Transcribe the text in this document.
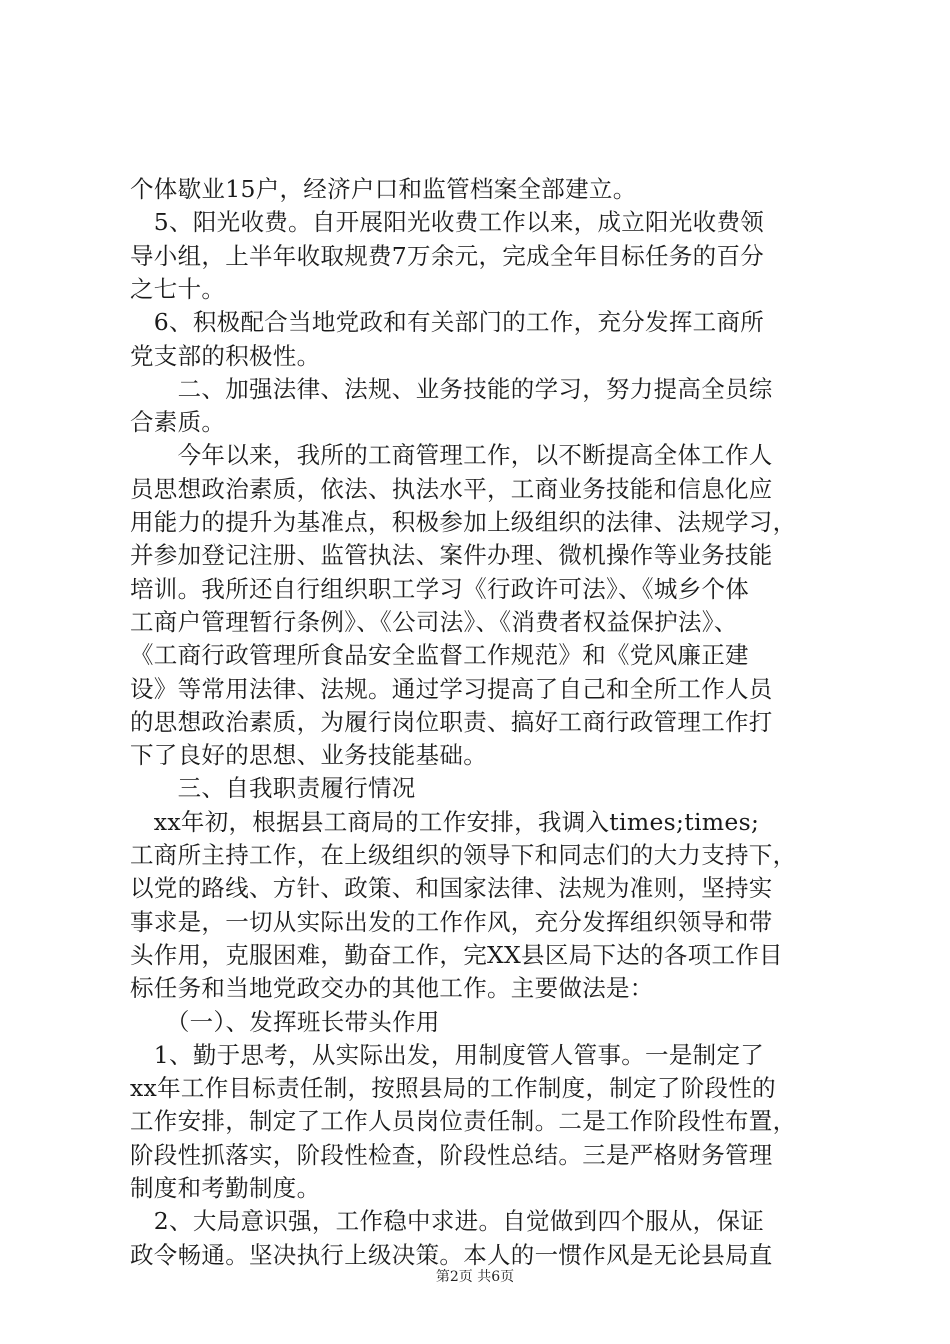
个体歇业15户，经济户口和监管档案全部建立。
　5、阳光收费。自开展阳光收费工作以来，成立阳光收费领
导小组，上半年收取规费7万余元，完成全年目标任务的百分
之七十。
　6、积极配合当地党政和有关部门的工作，充分发挥工商所
党支部的积极性。
　　二、加强法律、法规、业务技能的学习，努力提高全员综
合素质。
　　今年以来，我所的工商管理工作，以不断提高全体工作人
员思想政治素质，依法、执法水平，工商业务技能和信息化应
用能力的提升为基准点，积极参加上级组织的法律、法规学习，
并参加登记注册、监管执法、案件办理、微机操作等业务技能
培训。我所还自行组织职工学习《行政许可法》、《城乡个体
工商户管理暂行条例》、《公司法》、《消费者权益保护法》、
《工商行政管理所食品安全监督工作规范》和《党风廉正建
设》等常用法律、法规。通过学习提高了自己和全所工作人员
的思想政治素质，为履行岗位职责、搞好工商行政管理工作打
下了良好的思想、业务技能基础。
　　三、自我职责履行情况
　xx年初，根据县工商局的工作安排，我调入times;times;
工商所主持工作，在上级组织的领导下和同志们的大力支持下，
以党的路线、方针、政策、和国家法律、法规为准则，坚持实
事求是，一切从实际出发的工作作风，充分发挥组织领导和带
头作用，克服困难，勤奋工作，完XX县区局下达的各项工作目
标任务和当地党政交办的其他工作。主要做法是：
　　（一）、发挥班长带头作用
　1、勤于思考，从实际出发，用制度管人管事。一是制定了
xx年工作目标责任制，按照县局的工作制度，制定了阶段性的
工作安排，制定了工作人员岗位责任制。二是工作阶段性布置，
阶段性抓落实，阶段性检查，阶段性总结。三是严格财务管理
制度和考勤制度。
　2、大局意识强，工作稳中求进。自觉做到四个服从，保证
政令畅通。坚决执行上级决策。本人的一惯作风是无论县局直
第2页 共6页
